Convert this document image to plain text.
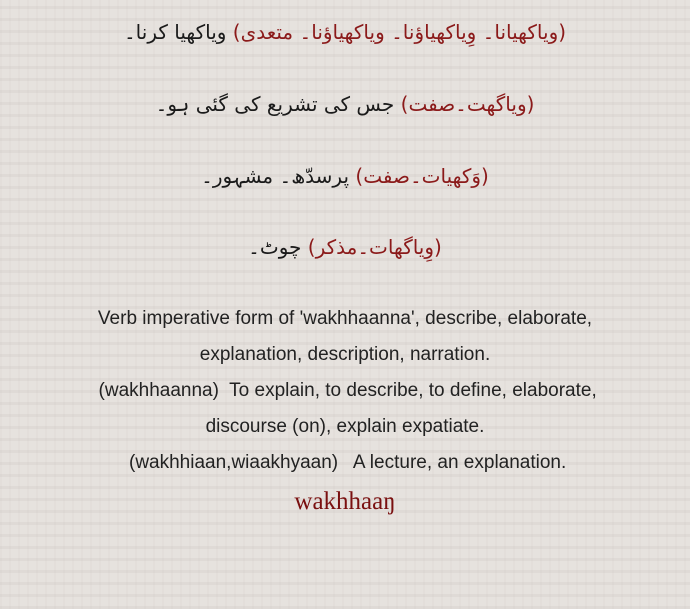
(ویاکھیانا۔ وِیاکھیاؤنا۔ ویاکھیاؤنا۔ متعدی) ویاکھیا کرنا۔
(ویاگھت۔صفت) جس کی تشریع کی گئی ہو۔
(وَکھیات۔صفت) پرسدّھ۔ مشہور۔
(وِیاگھات۔مذکر) چوٹ۔
Verb imperative form of 'wakhhaanna', describe, elaborate,
explanation, description, narration.
(wakhhaanna)  To explain, to describe, to define, elaborate,
discourse (on), explain expatiate.
(wakhhiaan,wiaakhyaan)   A lecture, an explanation.
wakhhaaŋ
